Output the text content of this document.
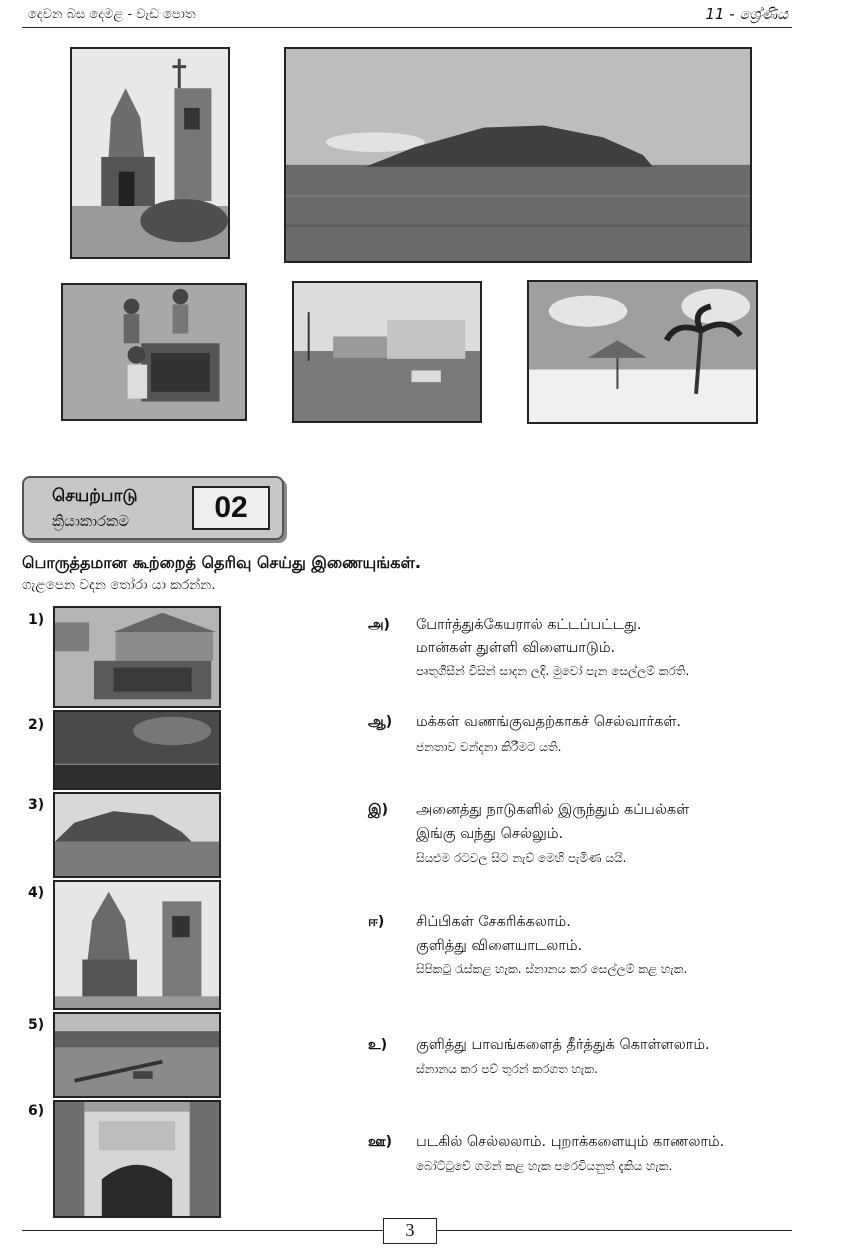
දෙවන බස දෙමළ - වැඩ පොත	11 - ශ්‍රේණිය
செயற்பாடு
ක්‍රියාකාරකම	02
பொருத்தமான கூற்றைத் தெரிவு செய்து இணையுங்கள்.
ගැළපෙන වදන තෝරා යා කරන්න.
1)
2)
3)
4)
5)
6)
அ) போர்த்துக்கேயரால் கட்டப்பட்டது.
மான்கள் துள்ளி விளையாடும்.
පෘතුගීසීන් විසින් සාදන ලදි. මුවෝ පැන සෙල්ලම් කරති.
ஆ) மக்கள் வணங்குவதற்காகச் செல்வார்கள்.
ජනතාව වන්දනා කිරීමට යති.
இ) அனைத்து நாடுகளில் இருந்தும் கப்பல்கள்
இங்கு வந்து செல்லும்.
සියළුම රටවල සිට නැව් මෙහි පැමිණ යයි.
ஈ) சிப்பிகள் சேகரிக்கலாம்.
குளித்து விளையாடலாம்.
සිපිකටු රැස්කළ හැක. ස්නානය කර සෙල්ලම් කළ හැක.
உ) குளித்து பாவங்களைத் தீர்த்துக் கொள்ளலாம்.
ස්නානය කර පව් තුරන් කරගත හැක.
ஊ) படகில் செல்லலாம். புறாக்களையும் காணலாம்.
බෝට්ටුවේ ගමන් කළ හැක පරෙවියනුත් දැකිය හැක.
3
